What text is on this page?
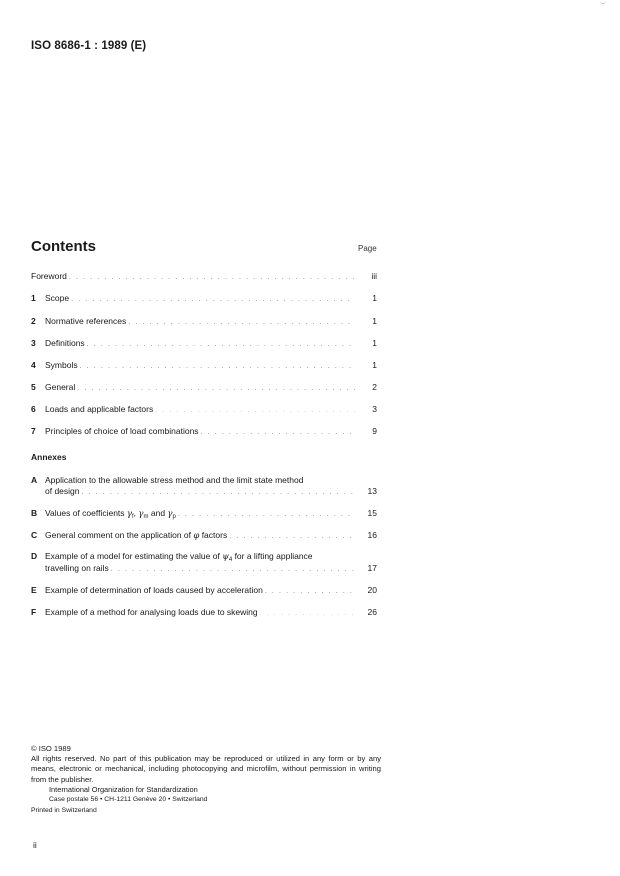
ISO 8686-1 : 1989 (E)
Contents	Page
Foreword . . .	iii
1	Scope . . .	1
2	Normative references . . .	1
3	Definitions . . .	1
4	Symbols . . .	1
5	General . . .	2
6	Loads and applicable factors . . .	3
7	Principles of choice of load combinations . . .	9
Annexes
A Application to the allowable stress method and the limit state method
of design . . .	13
B Values of coefficients $\gamma_f$, $\gamma_m$ and $\gamma_p$ . . .	15
C General comment on the application of φ factors . . .	16
D Example of a model for estimating the value of $\psi_4$ for a lifting appliance
travelling on rails . . .	17
E Example of determination of loads caused by acceleration . . .	20
F	Example of a method for analysing loads due to skewing . . .	26
© ISO 1989
All rights reserved. No part of this publication may be reproduced or utilized in any form or by any means, electronic or mechanical, including photocopying and microfilm, without permission in writing from the publisher.
International Organization for Standardization
Case postale 56 • CH-1211 Genève 20 • Switzerland
Printed in Switzerland
ii
